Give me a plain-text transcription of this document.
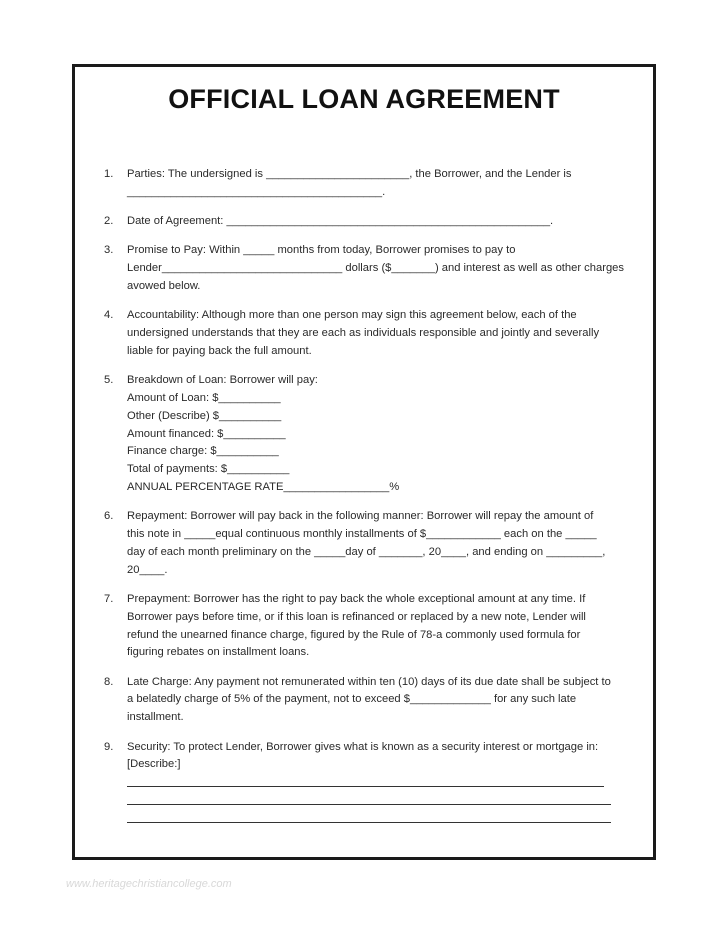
OFFICIAL LOAN AGREEMENT
1.	Parties: The undersigned is _______________________, the Borrower, and the Lender is
_________________________________________.
2.	Date of Agreement: ____________________________________________________.
3.	Promise to Pay: Within _____ months from today, Borrower promises to pay to
Lender_____________________________ dollars ($_______) and interest as well as other charges
avowed below.
4.	Accountability: Although more than one person may sign this agreement below, each of the
undersigned understands that they are each as individuals responsible and jointly and severally
liable for paying back the full amount.
5.	Breakdown of Loan: Borrower will pay:
Amount of Loan: $__________
Other (Describe) $__________
Amount financed: $__________
Finance charge: $__________
Total of payments: $__________
ANNUAL PERCENTAGE RATE_________________%
6.	Repayment: Borrower will pay back in the following manner: Borrower will repay the amount of
this note in _____equal continuous monthly installments of $____________ each on the _____
day of each month preliminary on the _____day of _______, 20____, and ending on _________,
20____.
7.	Prepayment: Borrower has the right to pay back the whole exceptional amount at any time. If
Borrower pays before time, or if this loan is refinanced or replaced by a new note, Lender will
refund the unearned finance charge, figured by the Rule of 78-a commonly used formula for
figuring rebates on installment loans.
8.	Late Charge: Any payment not remunerated within ten (10) days of its due date shall be subject to
a belatedly charge of 5% of the payment, not to exceed $_____________ for any such late
installment.
9.	Security: To protect Lender, Borrower gives what is known as a security interest or mortgage in:
[Describe:]
www.heritagechristiancollege.com
